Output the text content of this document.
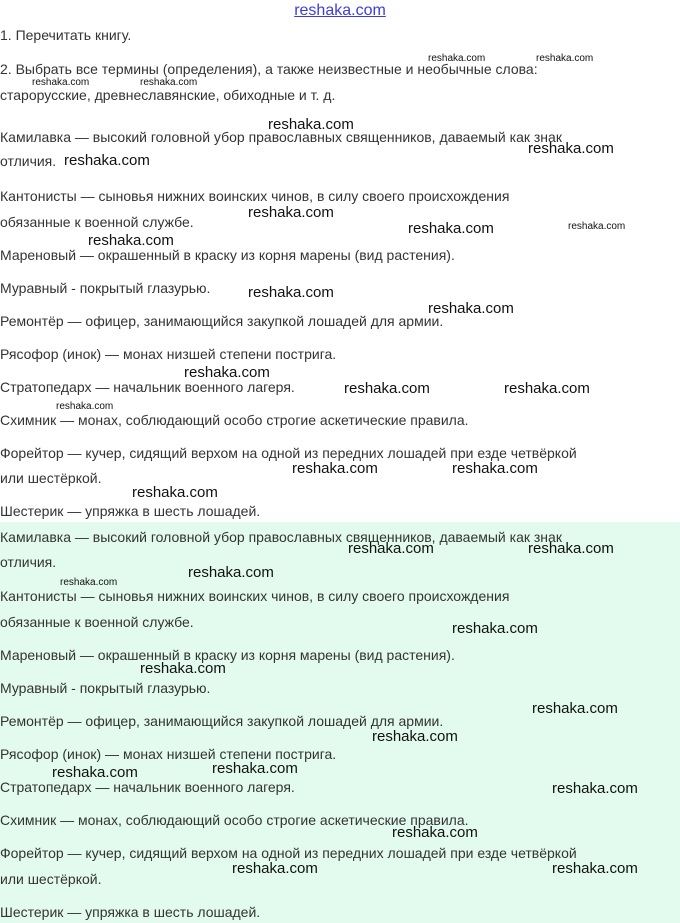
reshaka.com
1. Перечитать книгу.
2. Выбрать все термины (определения), а также неизвестные и необычные слова:
старорусские, древнеславянские, обиходные и т. д.
Камилавка — высокий головной убор православных священников, даваемый как знак
отличия.
Кантонисты — сыновья нижних воинских чинов, в силу своего происхождения
обязанные к военной службе.
Мареновый — окрашенный в краску из корня марены (вид растения).
Муравный - покрытый глазурью.
Ремонтёр — офицер, занимающийся закупкой лошадей для армии.
Рясофор (инок) — монах низшей степени пострига.
Стратопедарх — начальник военного лагеря.
Схимник — монах, соблюдающий особо строгие аскетические правила.
Форейтор — кучер, сидящий верхом на одной из передних лошадей при езде четвёркой
или шестёркой.
Шестерик — упряжка в шесть лошадей.
Камилавка — высокий головной убор православных священников, даваемый как знак
отличия.
Кантонисты — сыновья нижних воинских чинов, в силу своего происхождения
обязанные к военной службе.
Мареновый — окрашенный в краску из корня марены (вид растения).
Муравный - покрытый глазурью.
Ремонтёр — офицер, занимающийся закупкой лошадей для армии.
Рясофор (инок) — монах низшей степени пострига.
Стратопедарх — начальник военного лагеря.
Схимник — монах, соблюдающий особо строгие аскетические правила.
Форейтор — кучер, сидящий верхом на одной из передних лошадей при езде четвёркой
или шестёркой.
Шестерик — упряжка в шесть лошадей.
reshaka.com	reshaka.com
reshaka.com	reshaka.com
reshaka.com
reshaka.com
reshaka.com
reshaka.com
reshaka.com
reshaka.com
reshaka.com
reshaka.com
reshaka.com
reshaka.com
reshaka.com
reshaka.com
reshaka.com	reshaka.com
reshaka.com	reshaka.com
reshaka.com
reshaka.com	reshaka.com
reshaka.com
reshaka.com
reshaka.com
reshaka.com
reshaka.com
reshaka.com
reshaka.com
reshaka.com
reshaka.com
reshaka.com	reshaka.com
